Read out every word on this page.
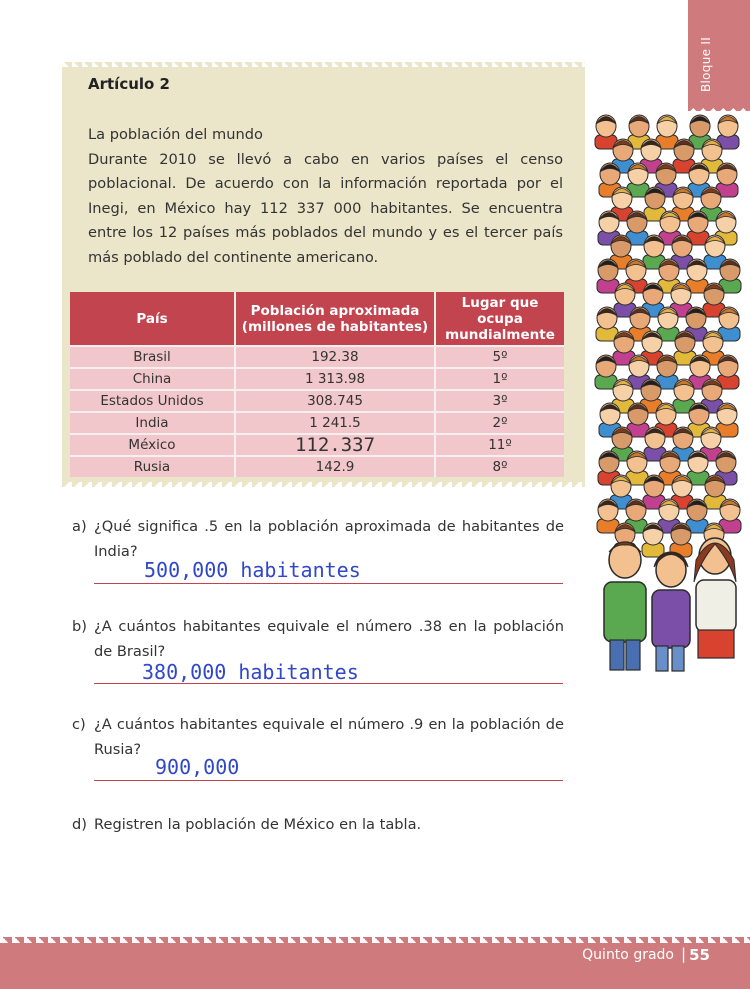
Bloque II
Artículo 2

La población del mundo

Durante 2010 se llevó a cabo en varios países el censo poblacional. De acuerdo con la información reportada por el Inegi, en México hay 112 337 000 habitantes. Se encuentra entre los 12 países más poblados del mundo y es el tercer país más poblado del continente americano.

País	Población aproximada (millones de habitantes)	Lugar que ocupa mundialmente
Brasil	192.38	5º
China	1 313.98	1º
Estados Unidos	308.745	3º
India	1 241.5	2º
México	112.337	11º
Rusia	142.9	8º
a) ¿Qué significa .5 en la población aproximada de habitantes de India?
500,000 habitantes
b) ¿A cuántos habitantes equivale el número .38 en la población de Brasil?
380,000 habitantes
c) ¿A cuántos habitantes equivale el número .9 en la población de Rusia?
900,000
d) Registren la población de México en la tabla.
Quinto grado | 55
